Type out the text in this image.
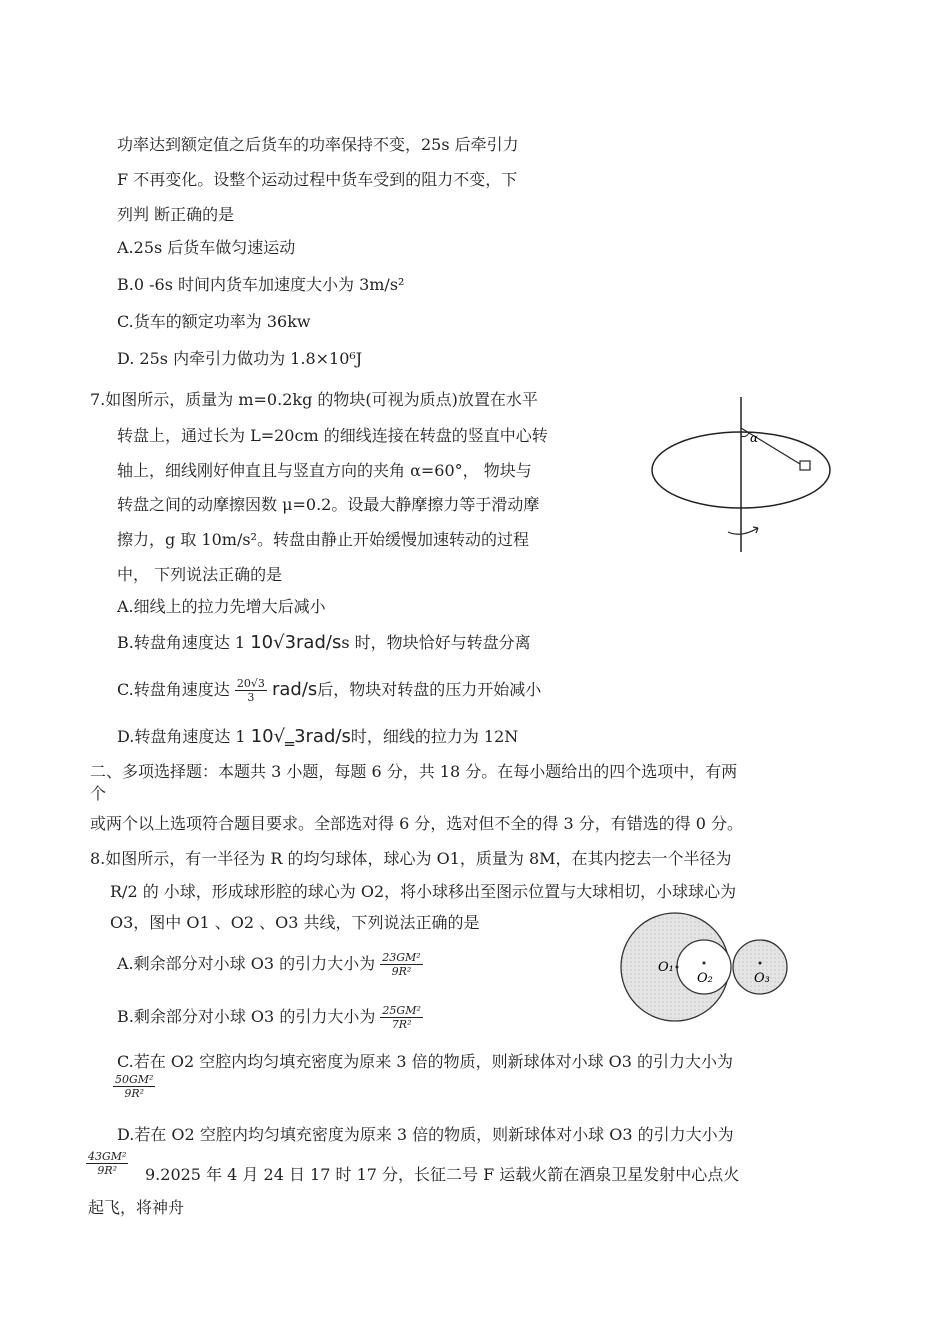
功率达到额定值之后货车的功率保持不变，25s 后牵引力
F 不再变化。设整个运动过程中货车受到的阻力不变，下
列判 断正确的是
A.25s 后货车做匀速运动
B.0 -6s 时间内货车加速度大小为 3m/s²
C.货车的额定功率为 36kw
D. 25s 内牵引力做功为 1.8×10⁶J
7.如图所示，质量为 m=0.2kg 的物块(可视为质点)放置在水平
转盘上，通过长为 L=20cm 的细线连接在转盘的竖直中心转
轴上，细线刚好伸直且与竖直方向的夹角 α=60°， 物块与
转盘之间的动摩擦因数 μ=0.2。设最大静摩擦力等于滑动摩
擦力，g 取 10m/s²。转盘由静止开始缓慢加速转动的过程
中， 下列说法正确的是
A.细线上的拉力先增大后减小
B.转盘角速度达 1 10√3rad/ss 时，物块恰好与转盘分离
C.转盘角速度达 $\frac{20√3}{3} rad/s$后，物块对转盘的压力开始减小
D.转盘角速度达 1 10√‗3rad/s时，细线的拉力为 12N
α
二、多项选择题：本题共 3 小题，每题 6 分，共 18 分。在每小题给出的四个选项中，有两
个
或两个以上选项符合题目要求。全部选对得 6 分，选对但不全的得 3 分，有错选的得 0 分。
8.如图所示，有一半径为 R 的均匀球体，球心为 O1，质量为 8M，在其内挖去一个半径为
R/2 的 小球，形成球形腔的球心为 O2，将小球移出至图示位置与大球相切，小球球心为
O3，图中 O1 、O2 、O3 共线，下列说法正确的是
A.剩余部分对小球 O3 的引力大小为 $\frac{\text{23GM²}}{\text{9R²}}$
B.剩余部分对小球 O3 的引力大小为 $\frac{\text{25GM²}}{\text{7R²}}$
C.若在 O2 空腔内均匀填充密度为原来 3 倍的物质，则新球体对小球 O3 的引力大小为
$\frac{\text{50GM²}}{\text{9R²}}$
D.若在 O2 空腔内均匀填充密度为原来 3 倍的物质，则新球体对小球 O3 的引力大小为
$\frac{\text{43GM²}}{\text{9R²}} 9.2025$ 年 4 月 24 日 17 时 17 分，长征二号 F 运载火箭在酒泉卫星发射中心点火
起飞，将神舟
O₁
O₂	O₃
